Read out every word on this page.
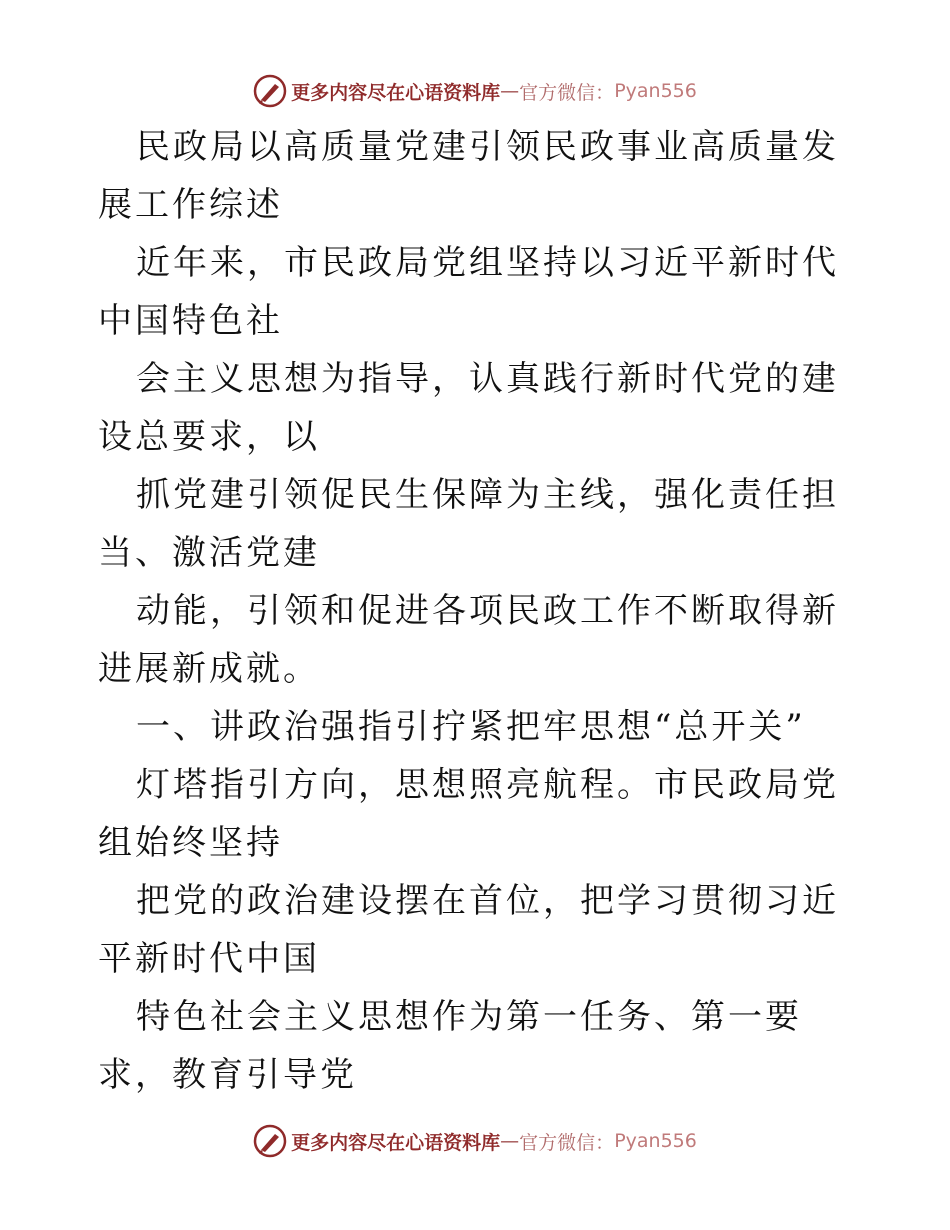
更多内容尽在心语资料库 — 官方微信： Pyan556

民政局以高质量党建引领民政事业高质量发展工作综述

近年来，市民政局党组坚持以习近平新时代中国特色社

会主义思想为指导，认真践行新时代党的建设总要求，以

抓党建引领促民生保障为主线，强化责任担当、激活党建

动能，引领和促进各项民政工作不断取得新进展新成就。

一、讲政治强指引拧紧把牢思想“总开关”

灯塔指引方向，思想照亮航程。市民政局党组始终坚持

把党的政治建设摆在首位，把学习贯彻习近平新时代中国

特色社会主义思想作为第一任务、第一要求，教育引导党

更多内容尽在心语资料库 — 官方微信： Pyan556
